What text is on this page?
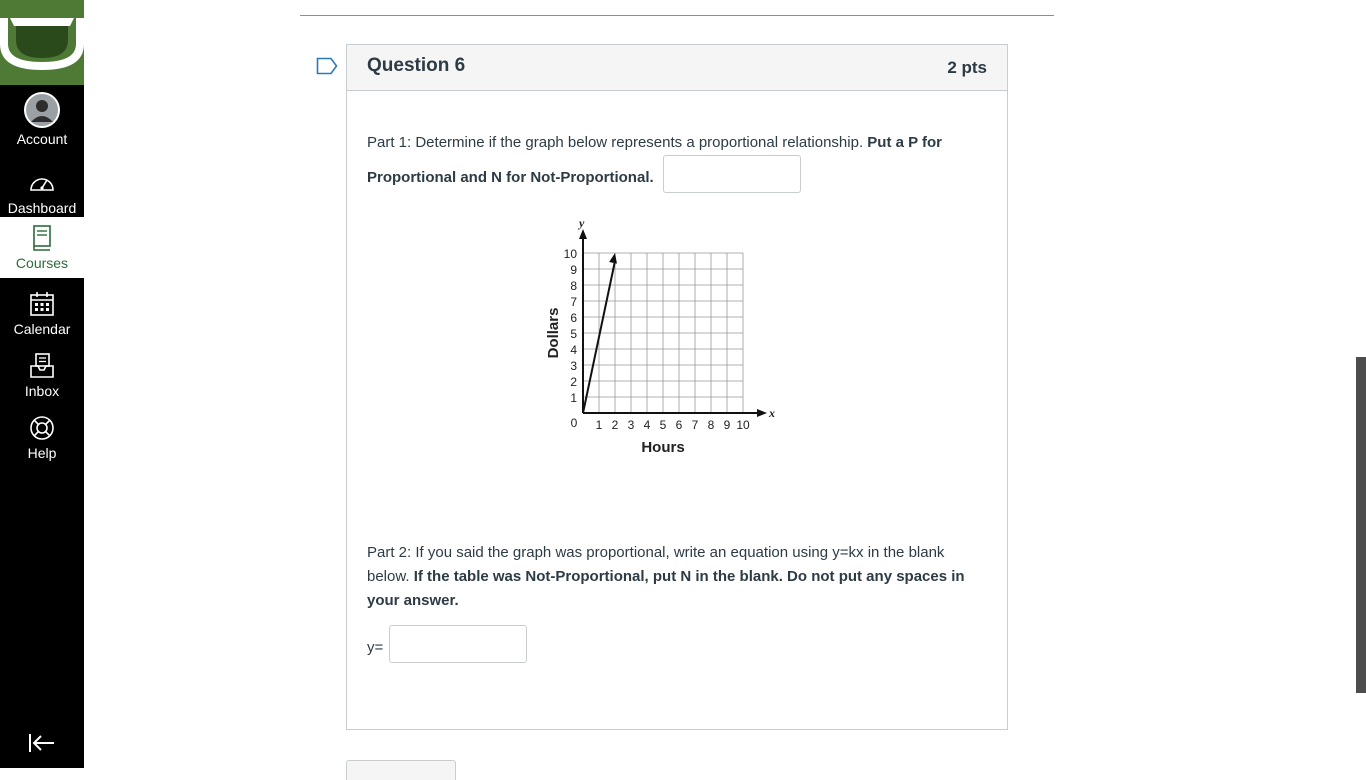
Account
Dashboard
Courses
Calendar
Inbox
Help
Question 6	2 pts
Part 1: Determine if the graph below represents a proportional relationship. Put a P for
Proportional and N for Not-Proportional.
1 2 3 4 5 6 7 8 9 10
1
2
3
4
5
6
7
8
9
10
x
y
Hours
Dollars
0
Part 2: If you said the graph was proportional, write an equation using y=kx in the blank below. If the table was Not-Proportional, put N in the blank. Do not put any spaces in your answer.
y=
